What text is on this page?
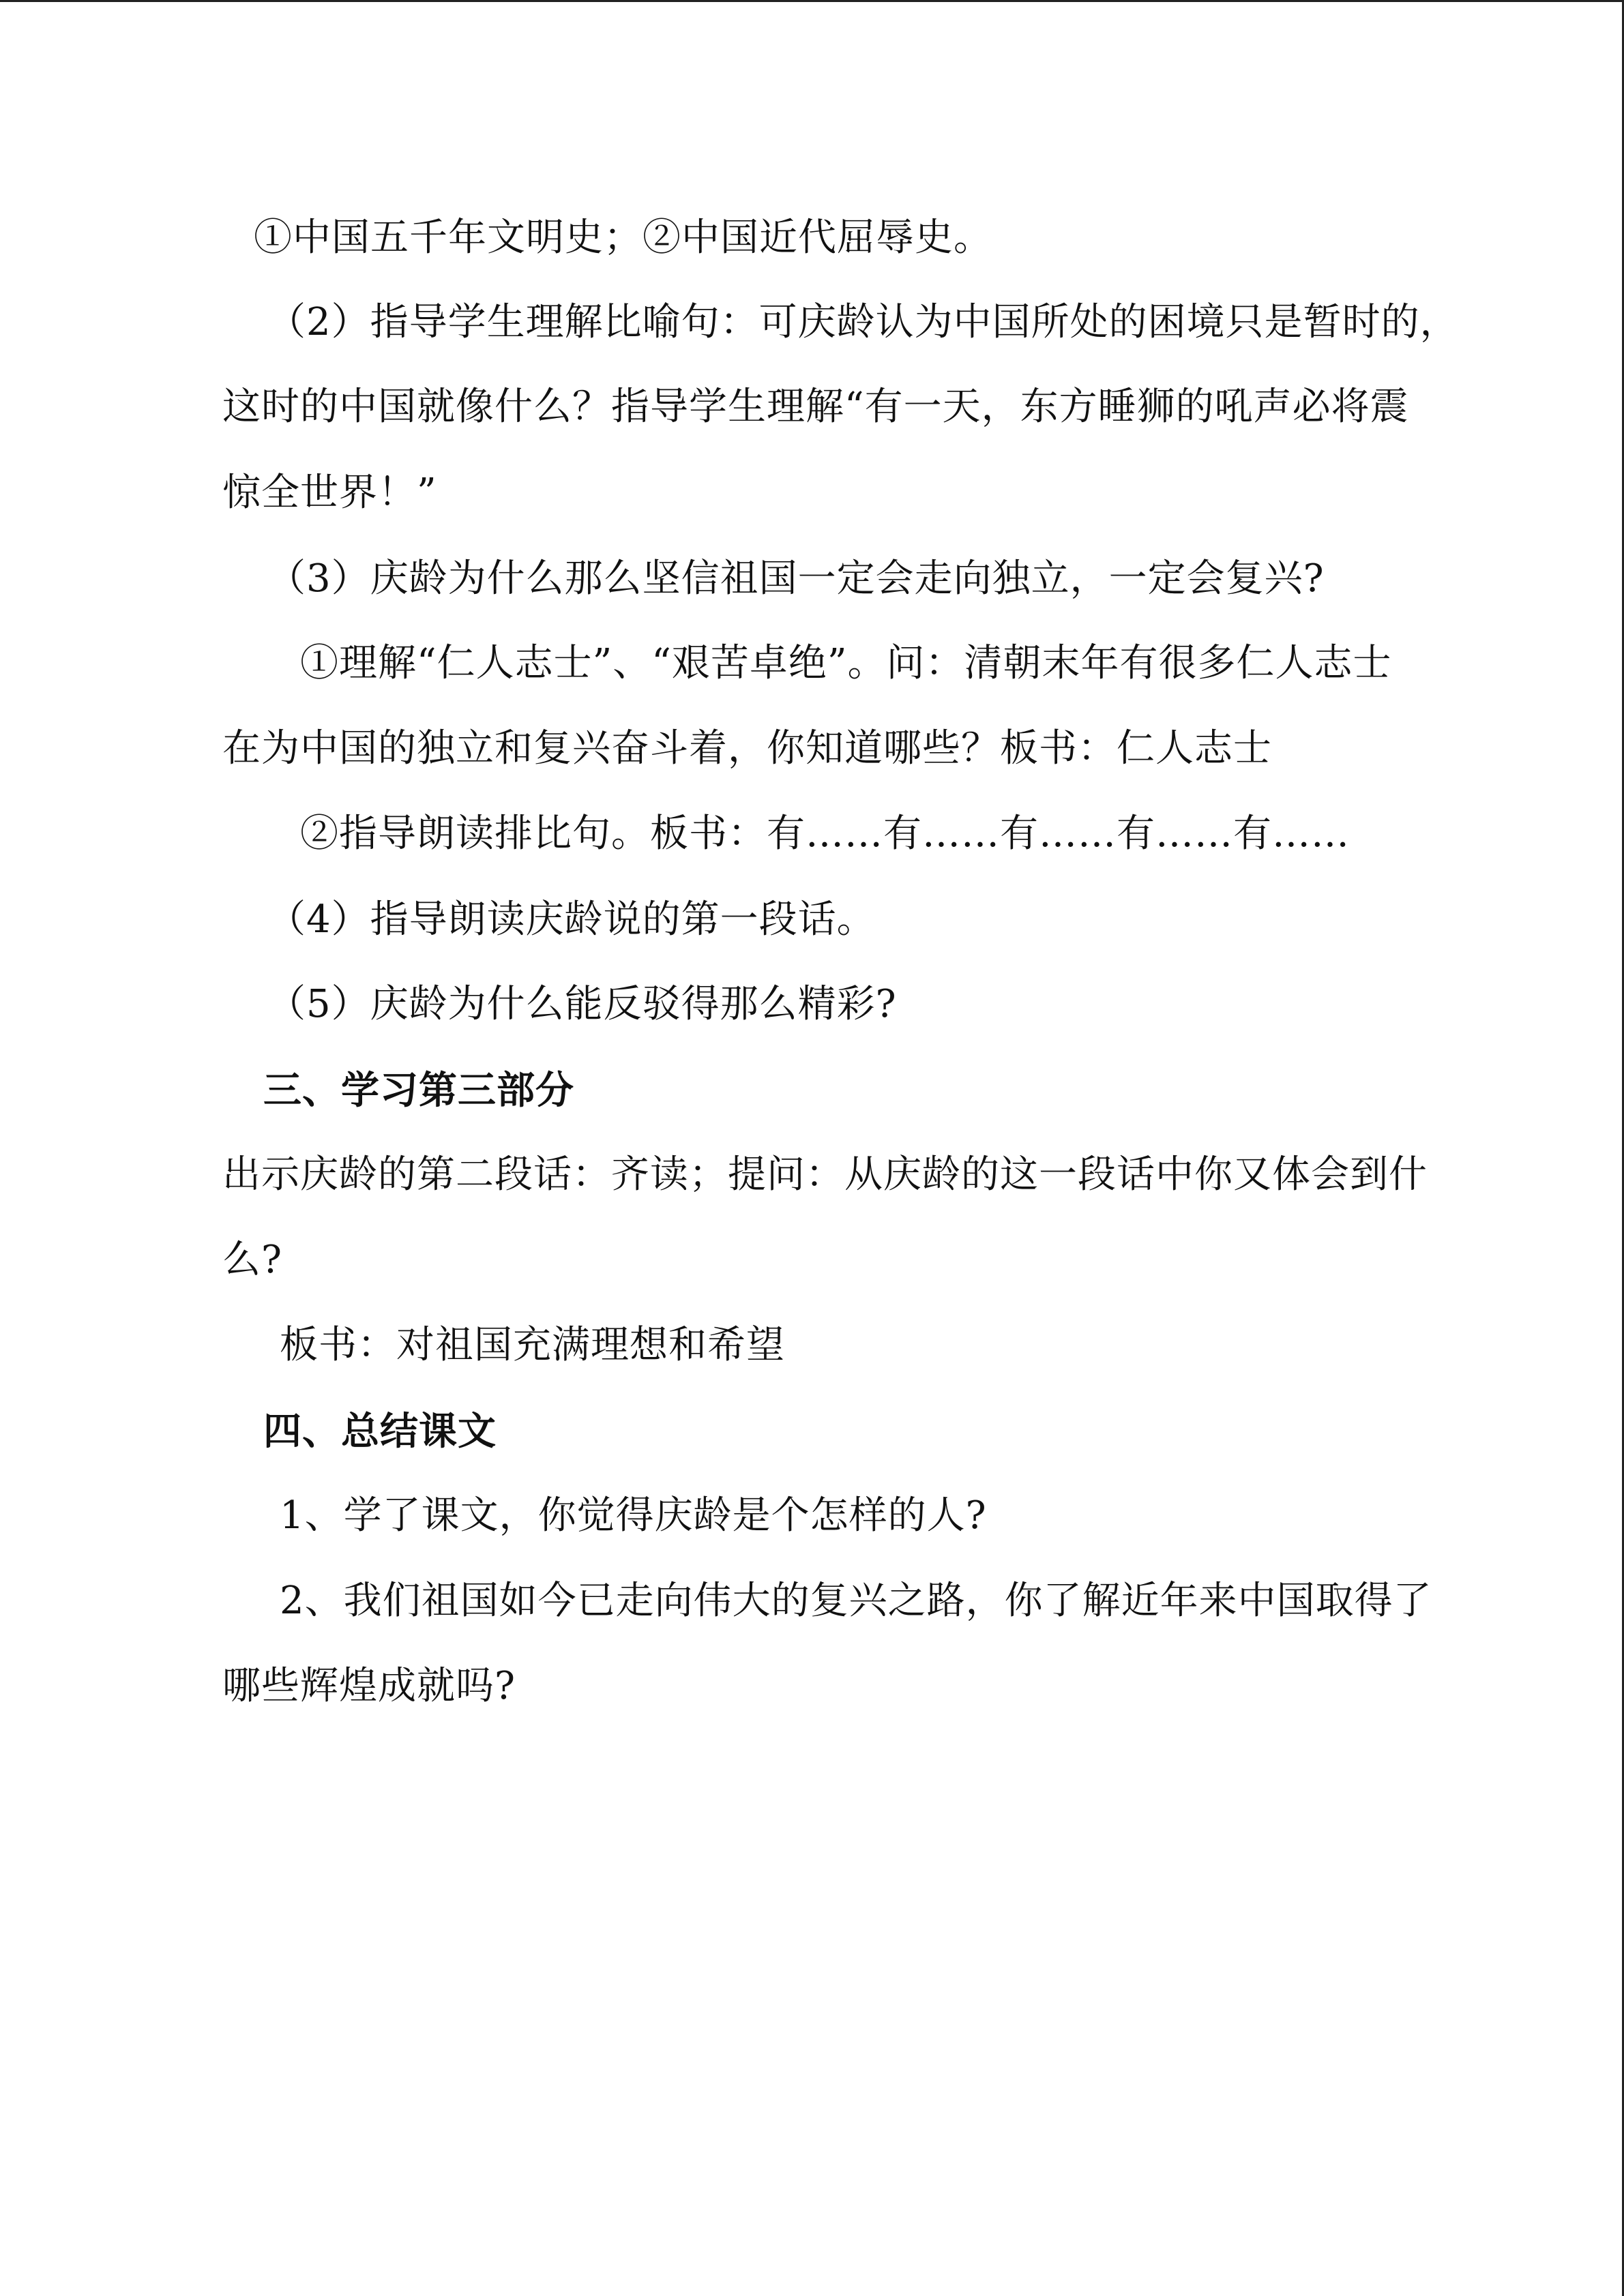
①中国五千年文明史；②中国近代屈辱史。
（2）指导学生理解比喻句：可庆龄认为中国所处的困境只是暂时的，
这时的中国就像什么？指导学生理解“有一天，东方睡狮的吼声必将震
惊全世界！”
（3）庆龄为什么那么坚信祖国一定会走向独立，一定会复兴?
①理解“仁人志士”、“艰苦卓绝”。问：清朝末年有很多仁人志士
在为中国的独立和复兴奋斗着，你知道哪些？板书：仁人志士
②指导朗读排比句。板书：有……有……有……有……有……
（4）指导朗读庆龄说的第一段话。
（5）庆龄为什么能反驳得那么精彩?
三、学习第三部分
出示庆龄的第二段话：齐读；提问：从庆龄的这一段话中你又体会到什
么?
板书：对祖国充满理想和希望
四、总结课文
1、学了课文，你觉得庆龄是个怎样的人?
2、我们祖国如今已走向伟大的复兴之路，你了解近年来中国取得了
哪些辉煌成就吗?
